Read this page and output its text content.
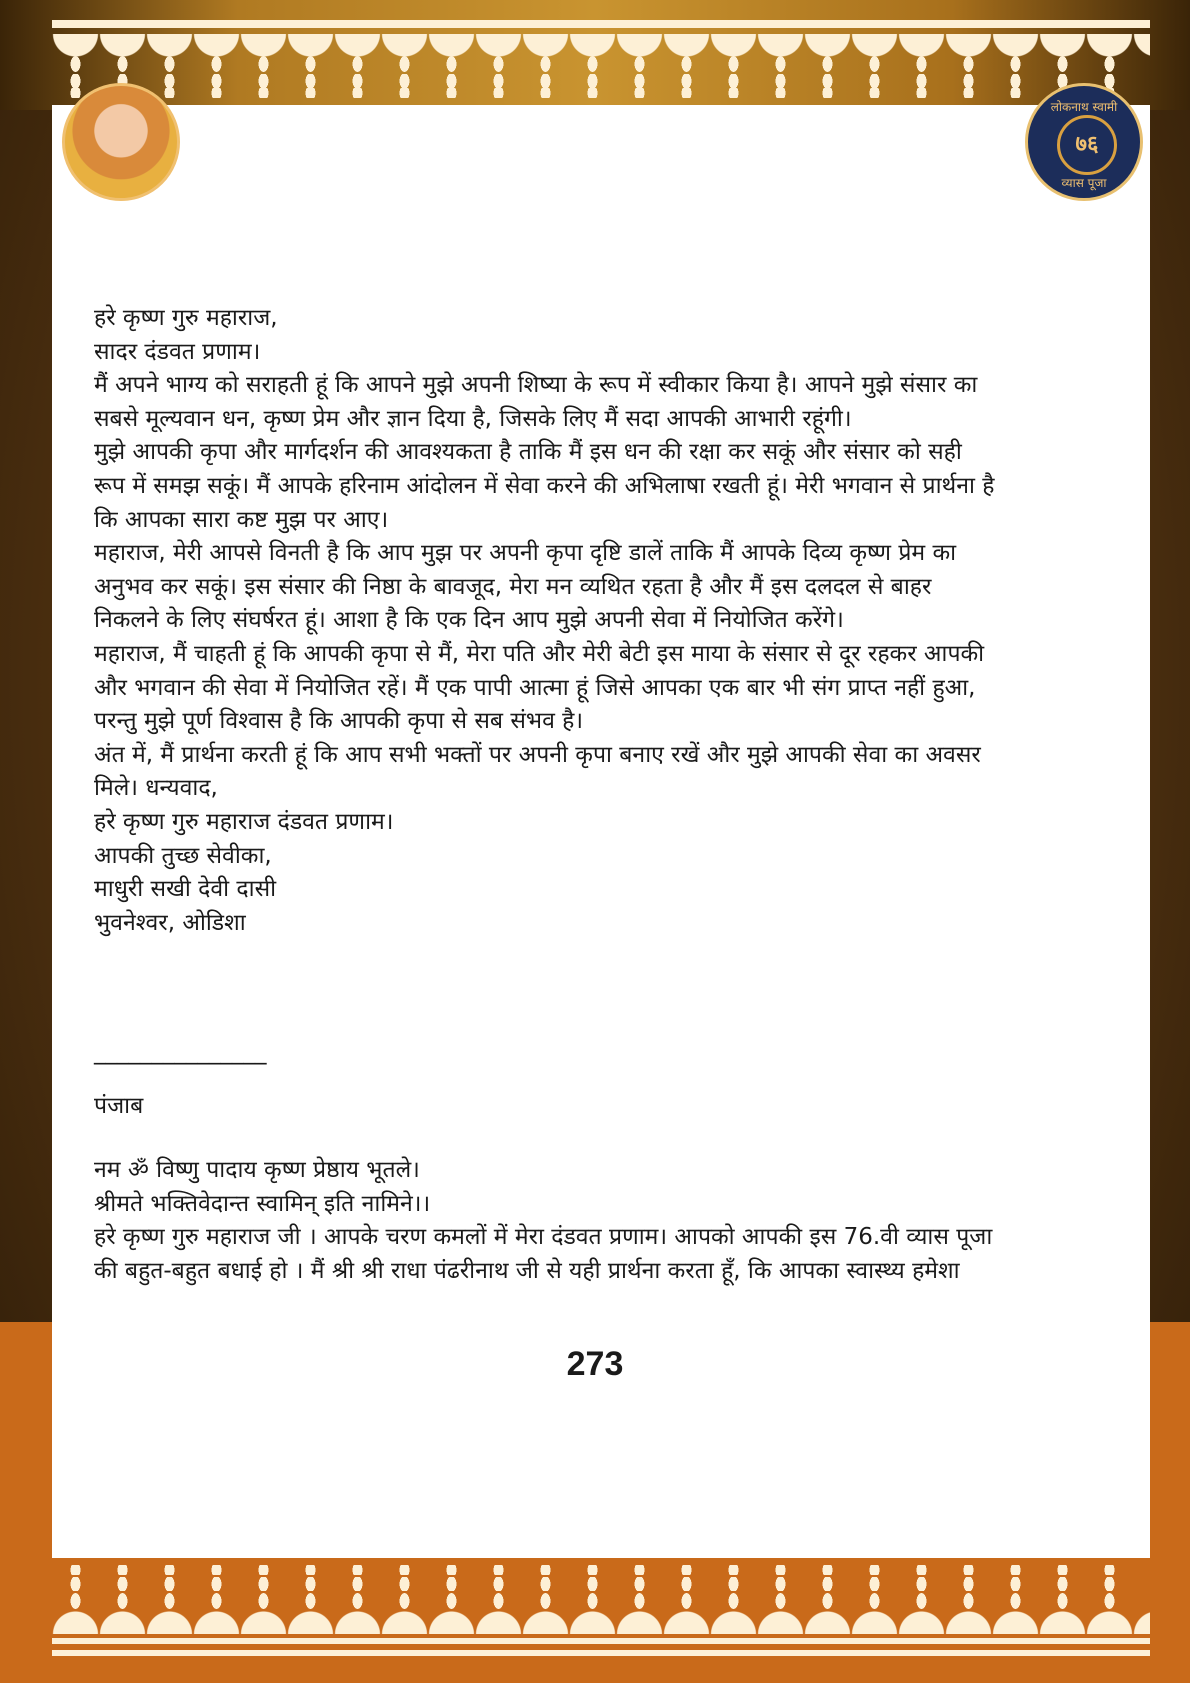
लोकनाथ स्वामी
७६
व्यास पूजा
हरे कृष्ण गुरु महाराज,
सादर दंडवत प्रणाम।
मैं अपने भाग्य को सराहती हूं कि आपने मुझे अपनी शिष्या के रूप में स्वीकार किया है। आपने मुझे संसार का
सबसे मूल्यवान धन, कृष्ण प्रेम और ज्ञान दिया है, जिसके लिए मैं सदा आपकी आभारी रहूंगी।
मुझे आपकी कृपा और मार्गदर्शन की आवश्यकता है ताकि मैं इस धन की रक्षा कर सकूं और संसार को सही
रूप में समझ सकूं। मैं आपके हरिनाम आंदोलन में सेवा करने की अभिलाषा रखती हूं। मेरी भगवान से प्रार्थना है
कि आपका सारा कष्ट मुझ पर आए।
महाराज, मेरी आपसे विनती है कि आप मुझ पर अपनी कृपा दृष्टि डालें ताकि मैं आपके दिव्य कृष्ण प्रेम का
अनुभव कर सकूं। इस संसार की निष्ठा के बावजूद, मेरा मन व्यथित रहता है और मैं इस दलदल से बाहर
निकलने के लिए संघर्षरत हूं। आशा है कि एक दिन आप मुझे अपनी सेवा में नियोजित करेंगे।
महाराज, मैं चाहती हूं कि आपकी कृपा से मैं, मेरा पति और मेरी बेटी इस माया के संसार से दूर रहकर आपकी
और भगवान की सेवा में नियोजित रहें। मैं एक पापी आत्मा हूं जिसे आपका एक बार भी संग प्राप्त नहीं हुआ,
परन्तु मुझे पूर्ण विश्वास है कि आपकी कृपा से सब संभव है।
अंत में, मैं प्रार्थना करती हूं कि आप सभी भक्तों पर अपनी कृपा बनाए रखें और मुझे आपकी सेवा का अवसर
मिले। धन्यवाद,
हरे कृष्ण गुरु महाराज दंडवत प्रणाम।
आपकी तुच्छ सेवीका,
माधुरी सखी देवी दासी
भुवनेश्वर, ओडिशा
_______________
पंजाब
नम ॐ विष्णु पादाय कृष्ण प्रेष्ठाय भूतले।
श्रीमते भक्तिवेदान्त स्वामिन् इति नामिने।।
हरे कृष्ण गुरु महाराज जी । आपके चरण कमलों में मेरा दंडवत प्रणाम। आपको आपकी इस 76.वी व्यास पूजा
की बहुत-बहुत बधाई हो । मैं श्री श्री राधा पंढरीनाथ जी से यही प्रार्थना करता हूँ, कि आपका स्वास्थ्य हमेशा
273
